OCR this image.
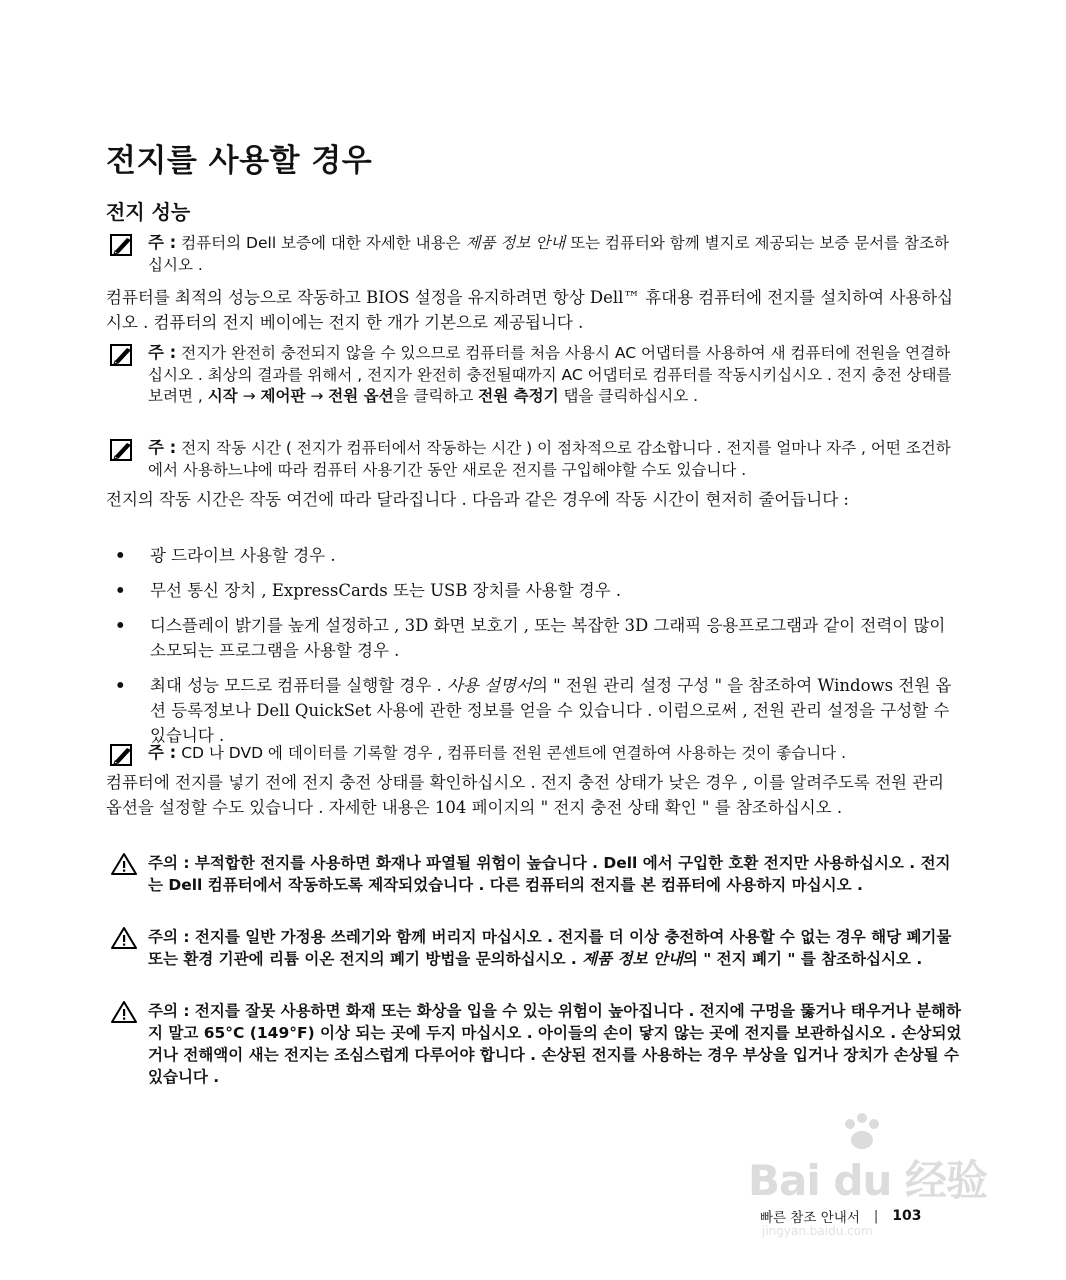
전지를 사용할 경우
전지 성능
주 : 컴퓨터의 Dell 보증에 대한 자세한 내용은 제품 정보 안내 또는 컴퓨터와 함께 별지로 제공되는 보증 문서를 참조하십시오 .

컴퓨터를 최적의 성능으로 작동하고 BIOS 설정을 유지하려면 항상 Dell™ 휴대용 컴퓨터에 전지를 설치하여 사용하십시오 . 컴퓨터의 전지 베이에는 전지 한 개가 기본으로 제공됩니다 .

주 : 전지가 완전히 충전되지 않을 수 있으므로 컴퓨터를 처음 사용시 AC 어댑터를 사용하여 새 컴퓨터에 전원을 연결하십시오 . 최상의 결과를 위해서 , 전지가 완전히 충전될때까지 AC 어댑터로 컴퓨터를 작동시키십시오 . 전지 충전 상태를 보려면 , 시작 → 제어판 → 전원 옵션을 클릭하고 전원 측정기 탭을 클릭하십시오 .
주 : 전지 작동 시간 ( 전지가 컴퓨터에서 작동하는 시간 ) 이 점차적으로 감소합니다 . 전지를 얼마나 자주 , 어떤 조건하에서 사용하느냐에 따라 컴퓨터 사용기간 동안 새로운 전지를 구입해야할 수도 있습니다 .

전지의 작동 시간은 작동 여건에 따라 달라집니다 . 다음과 같은 경우에 작동 시간이 현저히 줄어듭니다 :

•	광 드라이브 사용할 경우 .
•	무선 통신 장치 , ExpressCards 또는 USB 장치를 사용할 경우 .
•	디스플레이 밝기를 높게 설정하고 , 3D 화면 보호기 , 또는 복잡한 3D 그래픽 응용프로그램과 같이 전력이 많이 소모되는 프로그램을 사용할 경우 .
•	최대 성능 모드로 컴퓨터를 실행할 경우 . 사용 설명서의 " 전원 관리 설정 구성 " 을 참조하여 Windows 전원 옵션 등록정보나 Dell QuickSet 사용에 관한 정보를 얻을 수 있습니다 . 이럼으로써 , 전원 관리 설정을 구성할 수 있습니다 .
주 : CD 나 DVD 에 데이터를 기록할 경우 , 컴퓨터를 전원 콘센트에 연결하여 사용하는 것이 좋습니다 .

컴퓨터에 전지를 넣기 전에 전지 충전 상태를 확인하십시오 . 전지 충전 상태가 낮은 경우 , 이를 알려주도록 전원 관리 옵션을 설정할 수도 있습니다 . 자세한 내용은 104 페이지의 " 전지 충전 상태 확인 " 를 참조하십시오 .

주의 : 부적합한 전지를 사용하면 화재나 파열될 위험이 높습니다 . Dell 에서 구입한 호환 전지만 사용하십시오 . 전지는 Dell 컴퓨터에서 작동하도록 제작되었습니다 . 다른 컴퓨터의 전지를 본 컴퓨터에 사용하지 마십시오 .
주의 : 전지를 일반 가정용 쓰레기와 함께 버리지 마십시오 . 전지를 더 이상 충전하여 사용할 수 없는 경우 해당 폐기물 또는 환경 기관에 리튬 이온 전지의 폐기 방법을 문의하십시오 . 제품 정보 안내의 " 전지 폐기 " 를 참조하십시오 .
주의 : 전지를 잘못 사용하면 화재 또는 화상을 입을 수 있는 위험이 높아집니다 . 전지에 구멍을 뚫거나 태우거나 분해하지 말고 65°C (149°F) 이상 되는 곳에 두지 마십시오 . 아이들의 손이 닿지 않는 곳에 전지를 보관하십시오 . 손상되었거나 전해액이 새는 전지는 조심스럽게 다루어야 합니다 . 손상된 전지를 사용하는 경우 부상을 입거나 장치가 손상될 수 있습니다 .
Bai du 经验
jingyan.baidu.com
빠른 참조 안내서 | 103
